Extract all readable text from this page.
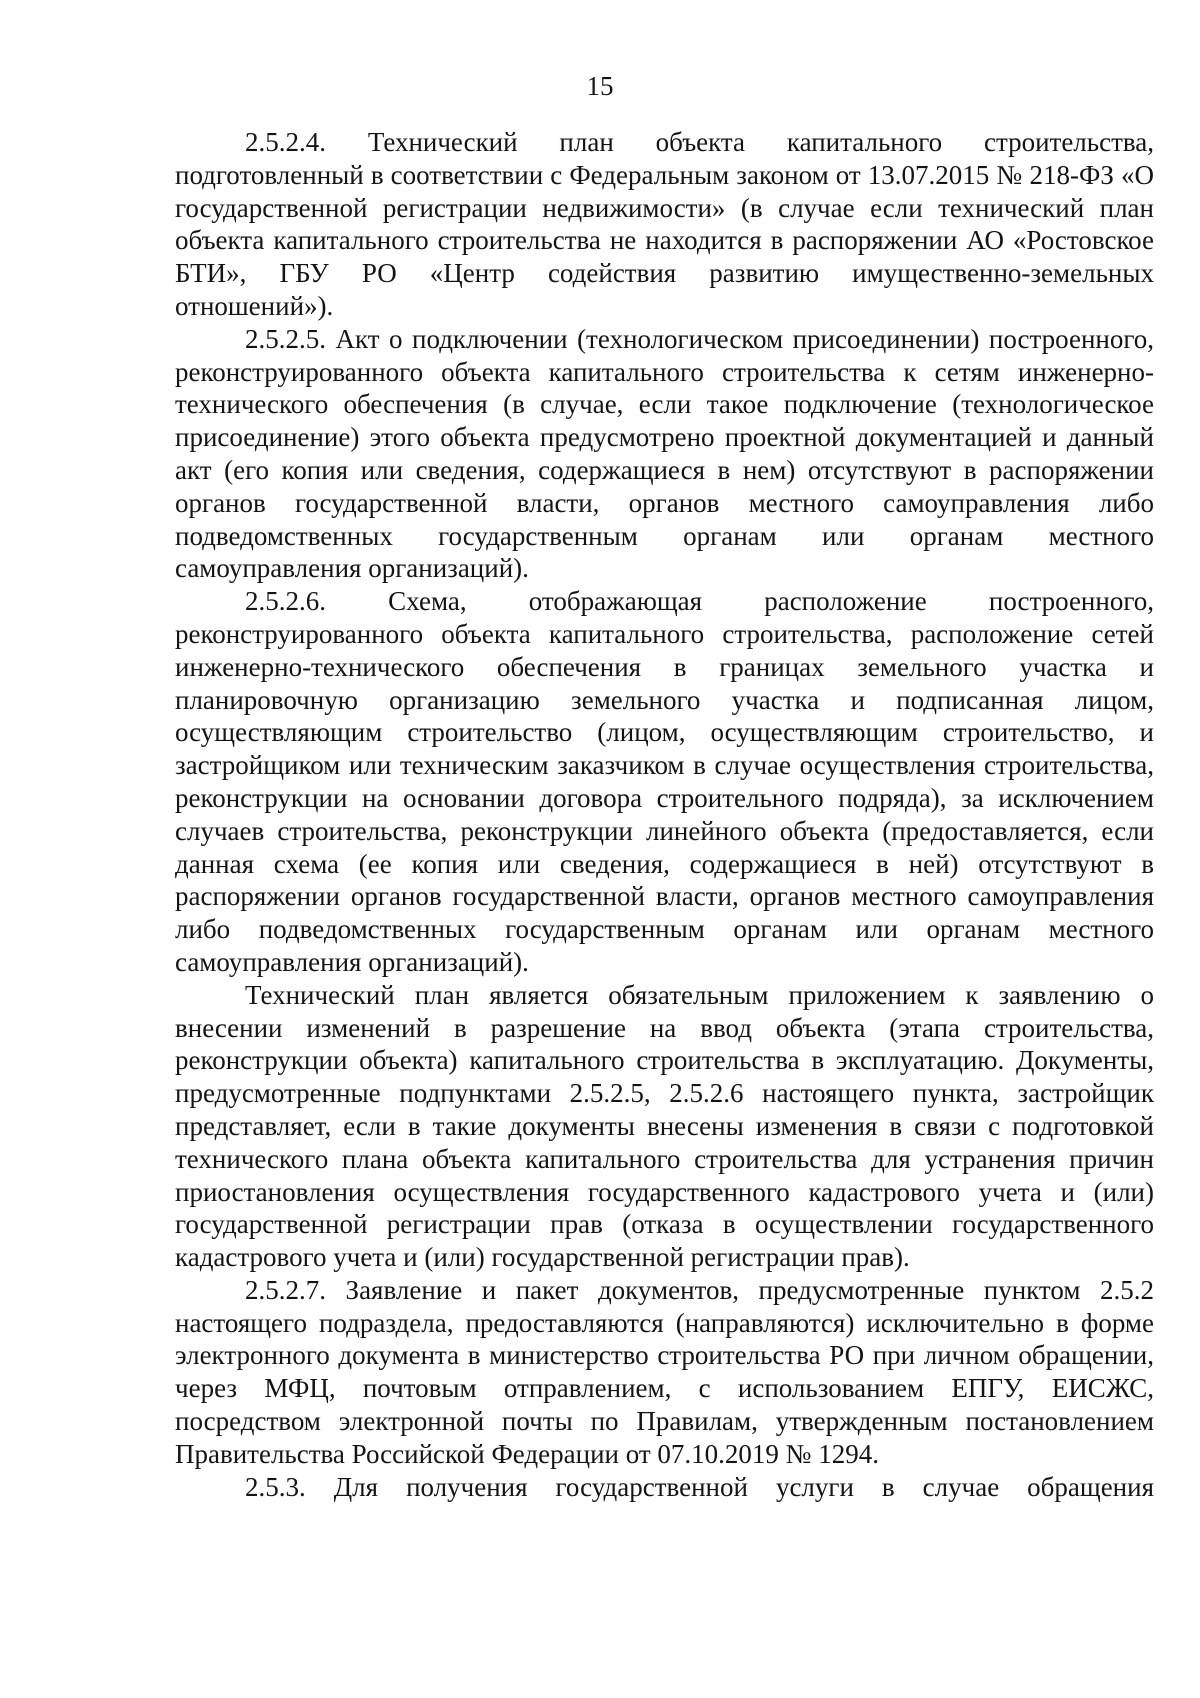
15

2.5.2.4. Технический план объекта капитального строительства, подготовленный в соответствии с Федеральным законом от 13.07.2015 № 218-ФЗ «О государственной регистрации недвижимости» (в случае если технический план объекта капитального строительства не находится в распоряжении АО «Ростовское БТИ», ГБУ РО «Центр содействия развитию имущественно-земельных отношений»).

2.5.2.5. Акт о подключении (технологическом присоединении) построенного, реконструированного объекта капитального строительства к сетям инженерно-технического обеспечения (в случае, если такое подключение (технологическое присоединение) этого объекта предусмотрено проектной документацией и данный акт (его копия или сведения, содержащиеся в нем) отсутствуют в распоряжении органов государственной власти, органов местного самоуправления либо подведомственных государственным органам или органам местного самоуправления организаций).

2.5.2.6. Схема, отображающая расположение построенного, реконструированного объекта капитального строительства, расположение сетей инженерно-технического обеспечения в границах земельного участка и планировочную организацию земельного участка и подписанная лицом, осуществляющим строительство (лицом, осуществляющим строительство, и застройщиком или техническим заказчиком в случае осуществления строительства, реконструкции на основании договора строительного подряда), за исключением случаев строительства, реконструкции линейного объекта (предоставляется, если данная схема (ее копия или сведения, содержащиеся в ней) отсутствуют в распоряжении органов государственной власти, органов местного самоуправления либо подведомственных государственным органам или органам местного самоуправления организаций).

Технический план является обязательным приложением к заявлению о внесении изменений в разрешение на ввод объекта (этапа строительства, реконструкции объекта) капитального строительства в эксплуатацию. Документы, предусмотренные подпунктами 2.5.2.5, 2.5.2.6 настоящего пункта, застройщик представляет, если в такие документы внесены изменения в связи с подготовкой технического плана объекта капитального строительства для устранения причин приостановления осуществления государственного кадастрового учета и (или) государственной регистрации прав (отказа в осуществлении государственного кадастрового учета и (или) государственной регистрации прав).

2.5.2.7. Заявление и пакет документов, предусмотренные пунктом 2.5.2 настоящего подраздела, предоставляются (направляются) исключительно в форме электронного документа в министерство строительства РО при личном обращении, через МФЦ, почтовым отправлением, с использованием ЕПГУ, ЕИСЖС, посредством электронной почты по Правилам, утвержденным постановлением Правительства Российской Федерации от 07.10.2019 № 1294.

2.5.3. Для получения государственной услуги в случае обращения
